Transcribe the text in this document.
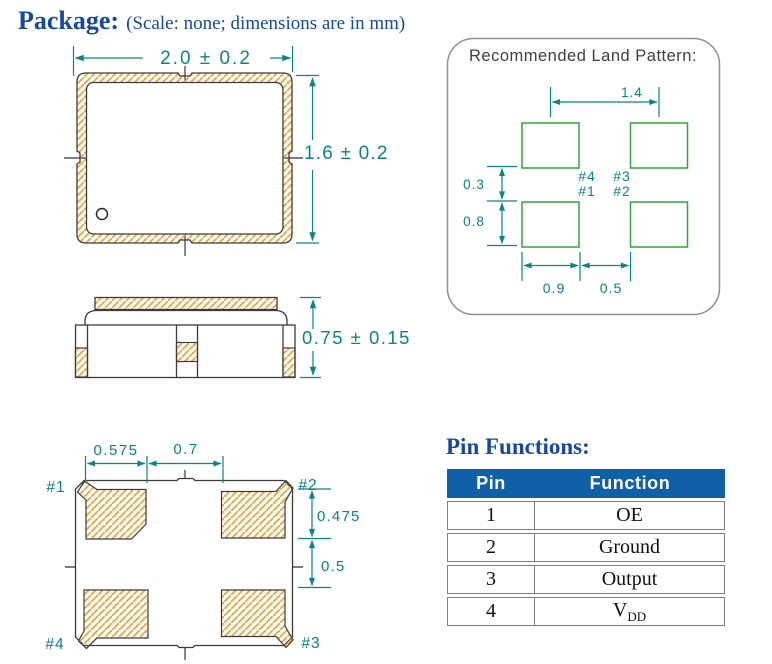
Package: (Scale: none; dimensions are in mm)
2.0 ± 0.2
1.6 ± 0.2
Recommended Land Pattern:
1.4
#4 #3
#1 #2
0.3
0.8
0.9 0.5
0.75 ± 0.15
0.575 0.7
0.475
0.5
#1	#2
#4	#3
Pin Functions:
Pin	Function
1	OE
2	Ground
3	Output
4	$V_{DD}$
